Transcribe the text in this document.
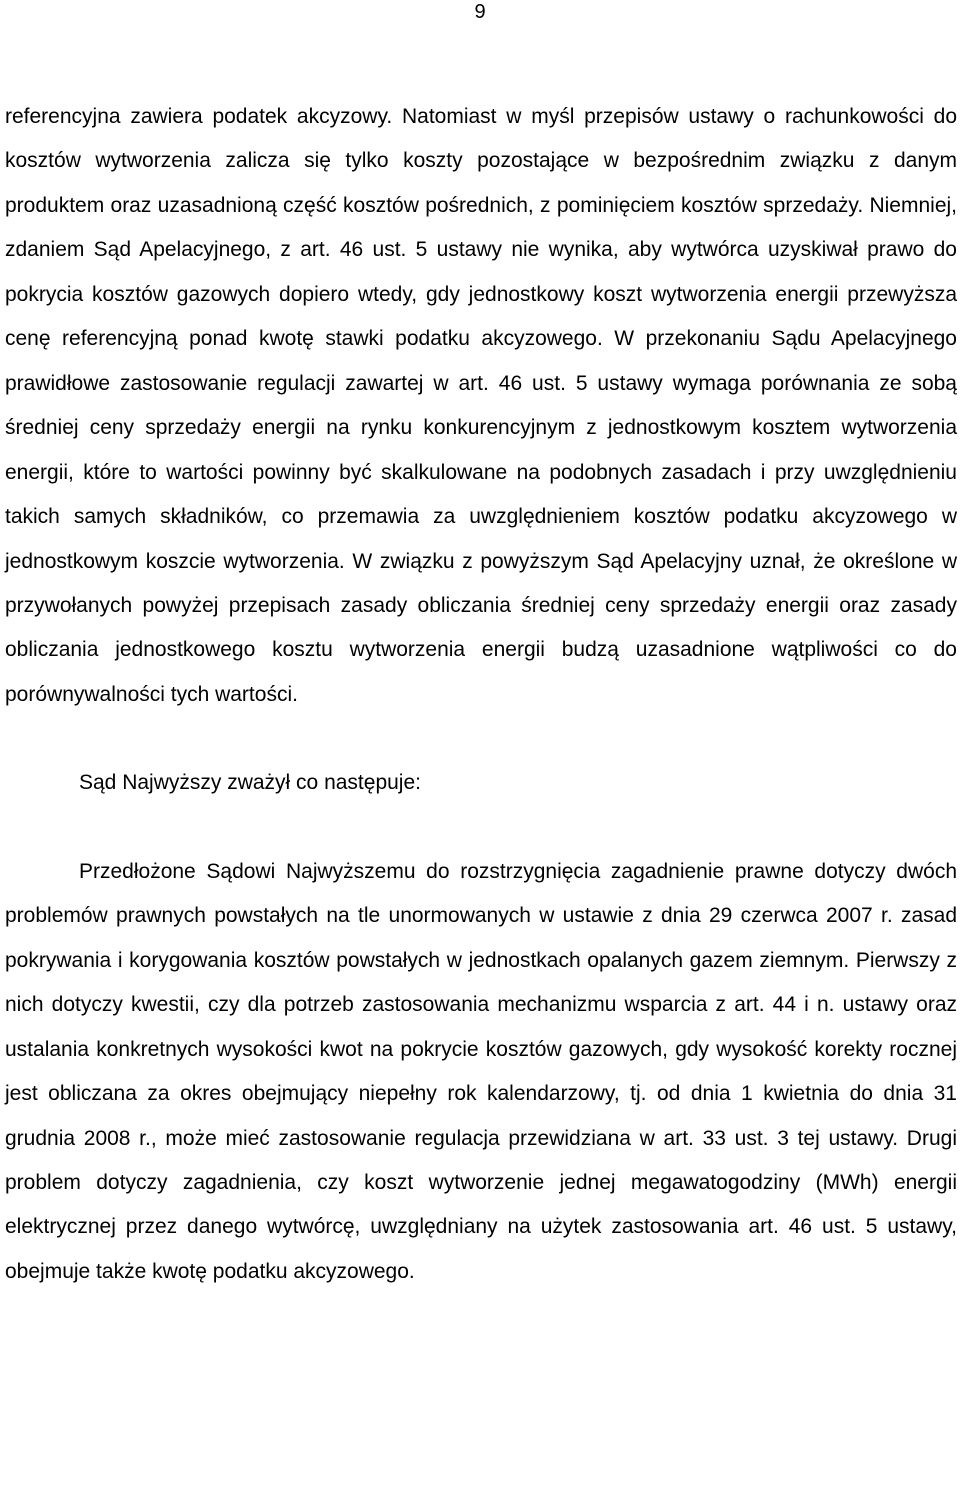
9

referencyjna zawiera podatek akcyzowy. Natomiast w myśl przepisów ustawy o rachunkowości do kosztów wytworzenia zalicza się tylko koszty pozostające w bezpośrednim związku z danym produktem oraz uzasadnioną część kosztów pośrednich, z pominięciem kosztów sprzedaży. Niemniej, zdaniem Sąd Apelacyjnego, z art. 46 ust. 5 ustawy nie wynika, aby wytwórca uzyskiwał prawo do pokrycia kosztów gazowych dopiero wtedy, gdy jednostkowy koszt wytworzenia energii przewyższa cenę referencyjną ponad kwotę stawki podatku akcyzowego. W przekonaniu Sądu Apelacyjnego prawidłowe zastosowanie regulacji zawartej w art. 46 ust. 5 ustawy wymaga porównania ze sobą średniej ceny sprzedaży energii na rynku konkurencyjnym z jednostkowym kosztem wytworzenia energii, które to wartości powinny być skalkulowane na podobnych zasadach i przy uwzględnieniu takich samych składników, co przemawia za uwzględnieniem kosztów podatku akcyzowego w jednostkowym koszcie wytworzenia. W związku z powyższym Sąd Apelacyjny uznał, że określone w przywołanych powyżej przepisach zasady obliczania średniej ceny sprzedaży energii oraz zasady obliczania jednostkowego kosztu wytworzenia energii budzą uzasadnione wątpliwości co do porównywalności tych wartości.

Sąd Najwyższy zważył co następuje:

Przedłożone Sądowi Najwyższemu do rozstrzygnięcia zagadnienie prawne dotyczy dwóch problemów prawnych powstałych na tle unormowanych w ustawie z dnia 29 czerwca 2007 r. zasad pokrywania i korygowania kosztów powstałych w jednostkach opalanych gazem ziemnym. Pierwszy z nich dotyczy kwestii, czy dla potrzeb zastosowania mechanizmu wsparcia z art. 44 i n. ustawy oraz ustalania konkretnych wysokości kwot na pokrycie kosztów gazowych, gdy wysokość korekty rocznej jest obliczana za okres obejmujący niepełny rok kalendarzowy, tj. od dnia 1 kwietnia do dnia 31 grudnia 2008 r., może mieć zastosowanie regulacja przewidziana w art. 33 ust. 3 tej ustawy. Drugi problem dotyczy zagadnienia, czy koszt wytworzenie jednej megawatogodziny (MWh) energii elektrycznej przez danego wytwórcę, uwzględniany na użytek zastosowania art. 46 ust. 5 ustawy, obejmuje także kwotę podatku akcyzowego.
